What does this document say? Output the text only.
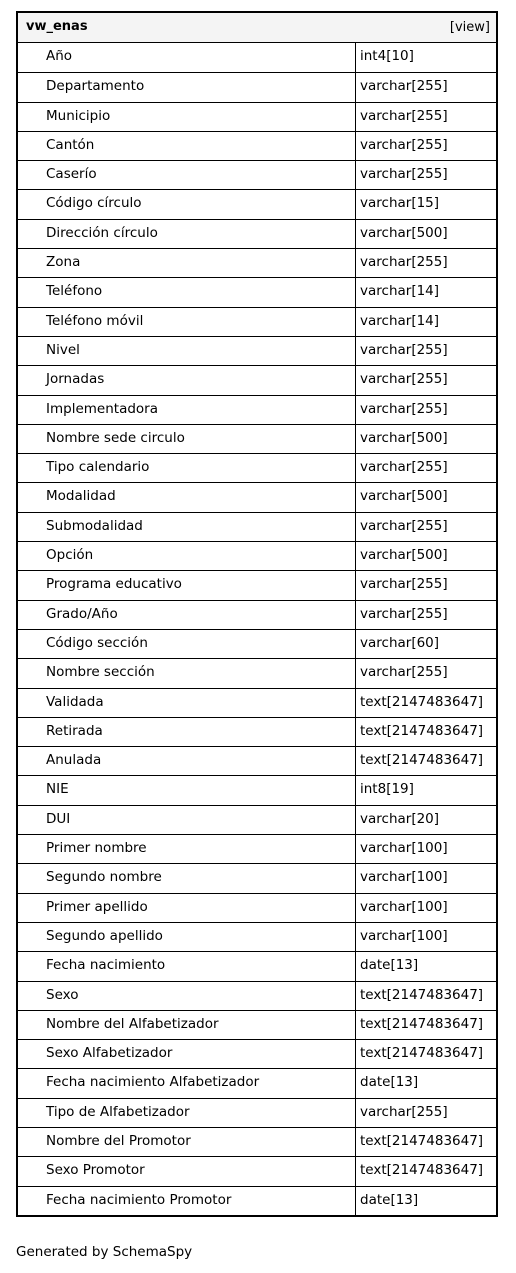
vw_enas	[view]
Año	int4[10]
Departamento	varchar[255]
Municipio	varchar[255]
Cantón	varchar[255]
Caserío	varchar[255]
Código círculo	varchar[15]
Dirección círculo	varchar[500]
Zona	varchar[255]
Teléfono	varchar[14]
Teléfono móvil	varchar[14]
Nivel	varchar[255]
Jornadas	varchar[255]
Implementadora	varchar[255]
Nombre sede circulo	varchar[500]
Tipo calendario	varchar[255]
Modalidad	varchar[500]
Submodalidad	varchar[255]
Opción	varchar[500]
Programa educativo	varchar[255]
Grado/Año	varchar[255]
Código sección	varchar[60]
Nombre sección	varchar[255]
Validada	text[2147483647]
Retirada	text[2147483647]
Anulada	text[2147483647]
NIE	int8[19]
DUI	varchar[20]
Primer nombre	varchar[100]
Segundo nombre	varchar[100]
Primer apellido	varchar[100]
Segundo apellido	varchar[100]
Fecha nacimiento	date[13]
Sexo	text[2147483647]
Nombre del Alfabetizador	text[2147483647]
Sexo Alfabetizador	text[2147483647]
Fecha nacimiento Alfabetizador	date[13]
Tipo de Alfabetizador	varchar[255]
Nombre del Promotor	text[2147483647]
Sexo Promotor	text[2147483647]
Fecha nacimiento Promotor	date[13]
Generated by SchemaSpy
